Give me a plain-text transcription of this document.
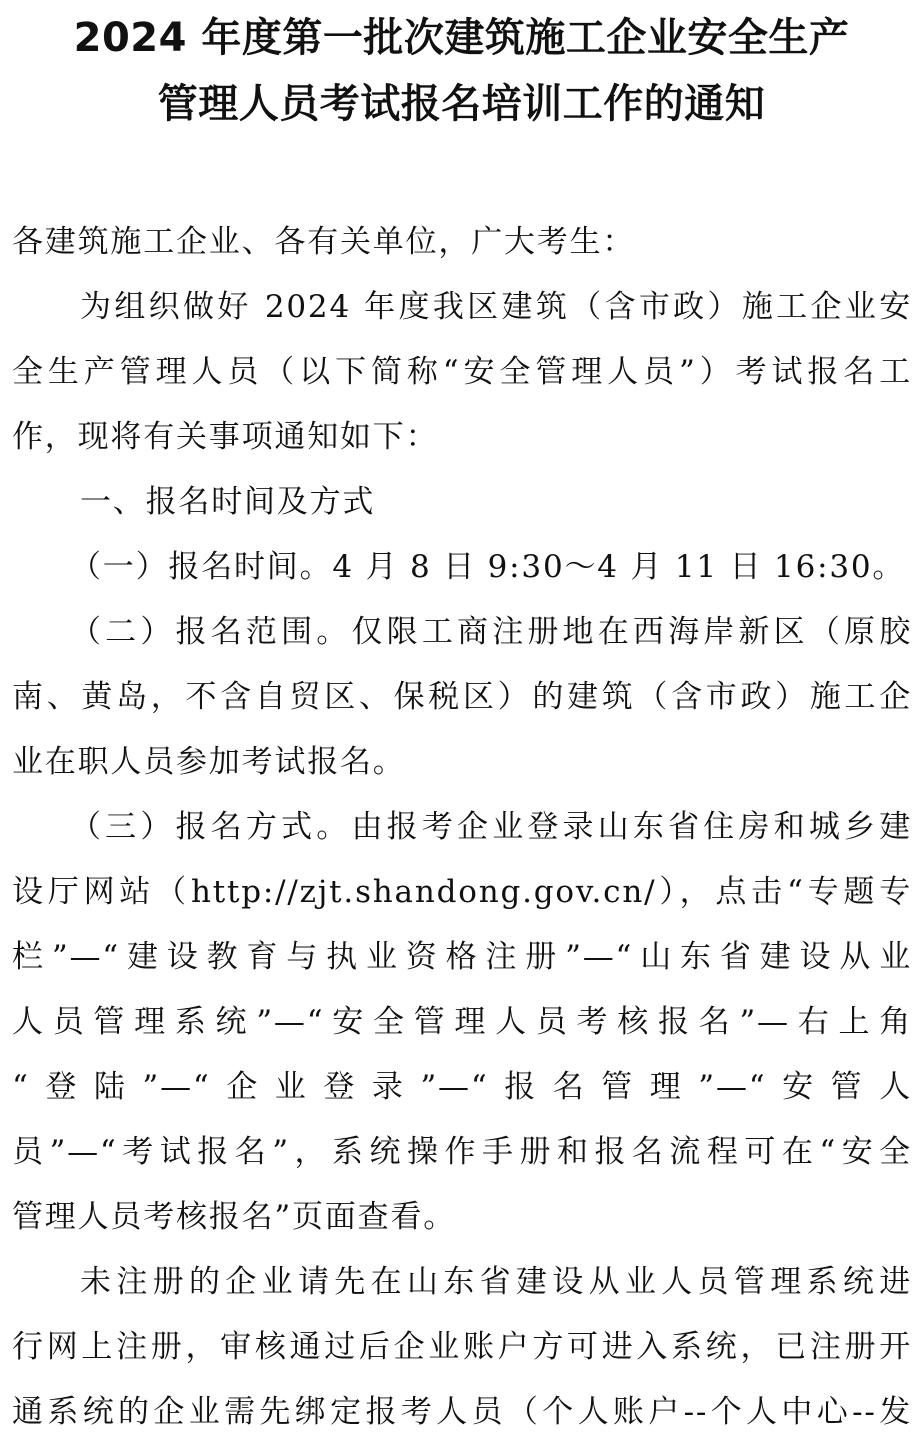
2024 年度第一批次建筑施工企业安全生产
管理人员考试报名培训工作的通知

各建筑施工企业、各有关单位，广大考生：

为组织做好 2024 年度我区建筑（含市政）施工企业安

全生产管理人员（以下简称“安全管理人员”）考试报名工

作，现将有关事项通知如下：

一、报名时间及方式

（一）报名时间。4 月 8 日 9:30～4 月 11 日 16:30。

（二）报名范围。仅限工商注册地在西海岸新区（原胶

南、黄岛，不含自贸区、保税区）的建筑（含市政）施工企

业在职人员参加考试报名。

（三）报名方式。由报考企业登录山东省住房和城乡建

设厅网站（http://zjt.shandong.gov.cn/），点击“专题专

栏”—“建设教育与执业资格注册”—“山东省建设从业

人员管理系统”—“安全管理人员考核报名”—右上角

“登陆”—“企业登录”—“报名管理”—“安管人

员”—“考试报名”，系统操作手册和报名流程可在“安全

管理人员考核报名”页面查看。

未注册的企业请先在山东省建设从业人员管理系统进

行网上注册，审核通过后企业账户方可进入系统，已注册开

通系统的企业需先绑定报考人员（个人账户--个人中心--发
